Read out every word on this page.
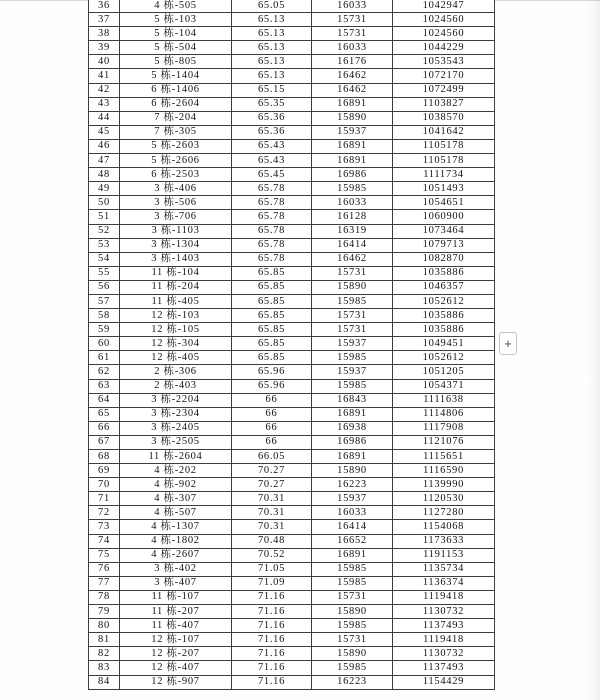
36	4 栋-505	65.05	16033	1042947
37	5 栋-103	65.13	15731	1024560
38	5 栋-104	65.13	15731	1024560
39	5 栋-504	65.13	16033	1044229
40	5 栋-805	65.13	16176	1053543
41	5 栋-1404	65.13	16462	1072170
42	6 栋-1406	65.15	16462	1072499
43	6 栋-2604	65.35	16891	1103827
44	7 栋-204	65.36	15890	1038570
45	7 栋-305	65.36	15937	1041642
46	5 栋-2603	65.43	16891	1105178
47	5 栋-2606	65.43	16891	1105178
48	6 栋-2503	65.45	16986	1111734
49	3 栋-406	65.78	15985	1051493
50	3 栋-506	65.78	16033	1054651
51	3 栋-706	65.78	16128	1060900
52	3 栋-1103	65.78	16319	1073464
53	3 栋-1304	65.78	16414	1079713
54	3 栋-1403	65.78	16462	1082870
55	11 栋-104	65.85	15731	1035886
56	11 栋-204	65.85	15890	1046357
57	11 栋-405	65.85	15985	1052612
58	12 栋-103	65.85	15731	1035886
59	12 栋-105	65.85	15731	1035886
60	12 栋-304	65.85	15937	1049451
61	12 栋-405	65.85	15985	1052612
62	2 栋-306	65.96	15937	1051205
63	2 栋-403	65.96	15985	1054371
64	3 栋-2204	66	16843	1111638
65	3 栋-2304	66	16891	1114806
66	3 栋-2405	66	16938	1117908
67	3 栋-2505	66	16986	1121076
68	11 栋-2604	66.05	16891	1115651
69	4 栋-202	70.27	15890	1116590
70	4 栋-902	70.27	16223	1139990
71	4 栋-307	70.31	15937	1120530
72	4 栋-507	70.31	16033	1127280
73	4 栋-1307	70.31	16414	1154068
74	4 栋-1802	70.48	16652	1173633
75	4 栋-2607	70.52	16891	1191153
76	3 栋-402	71.05	15985	1135734
77	3 栋-407	71.09	15985	1136374
78	11 栋-107	71.16	15731	1119418
79	11 栋-207	71.16	15890	1130732
80	11 栋-407	71.16	15985	1137493
81	12 栋-107	71.16	15731	1119418
82	12 栋-207	71.16	15890	1130732
83	12 栋-407	71.16	15985	1137493
84	12 栋-907	71.16	16223	1154429
+
